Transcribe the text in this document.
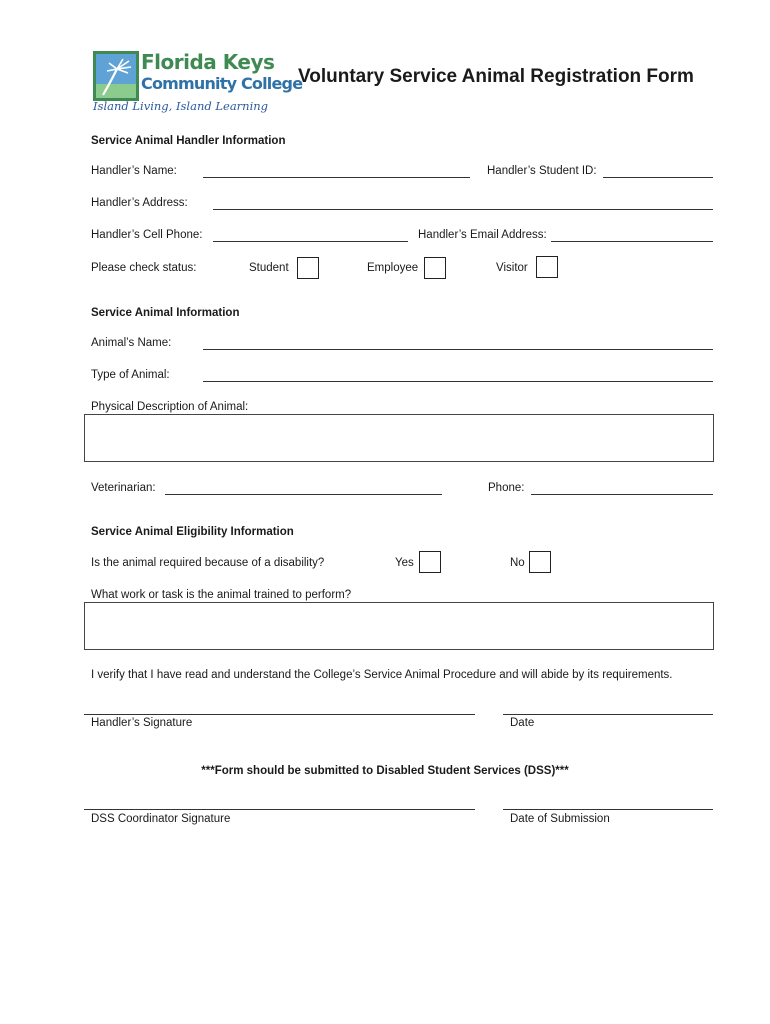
Florida Keys
Community College
Island Living, Island Learning
Voluntary Service Animal Registration Form
Service Animal Handler Information
Handler’s Name:	Handler’s Student ID:
Handler’s Address:
Handler’s Cell Phone:	Handler’s Email Address:
Please check status:	Student	Employee	Visitor
Service Animal Information
Animal’s Name:
Type of Animal:
Physical Description of Animal:
Veterinarian:	Phone:
Service Animal Eligibility Information
Is the animal required because of a disability?	Yes	No
What work or task is the animal trained to perform?
I verify that I have read and understand the College’s Service Animal Procedure and will abide by its requirements.
Handler’s Signature	Date
***Form should be submitted to Disabled Student Services (DSS)***
DSS Coordinator Signature	Date of Submission
